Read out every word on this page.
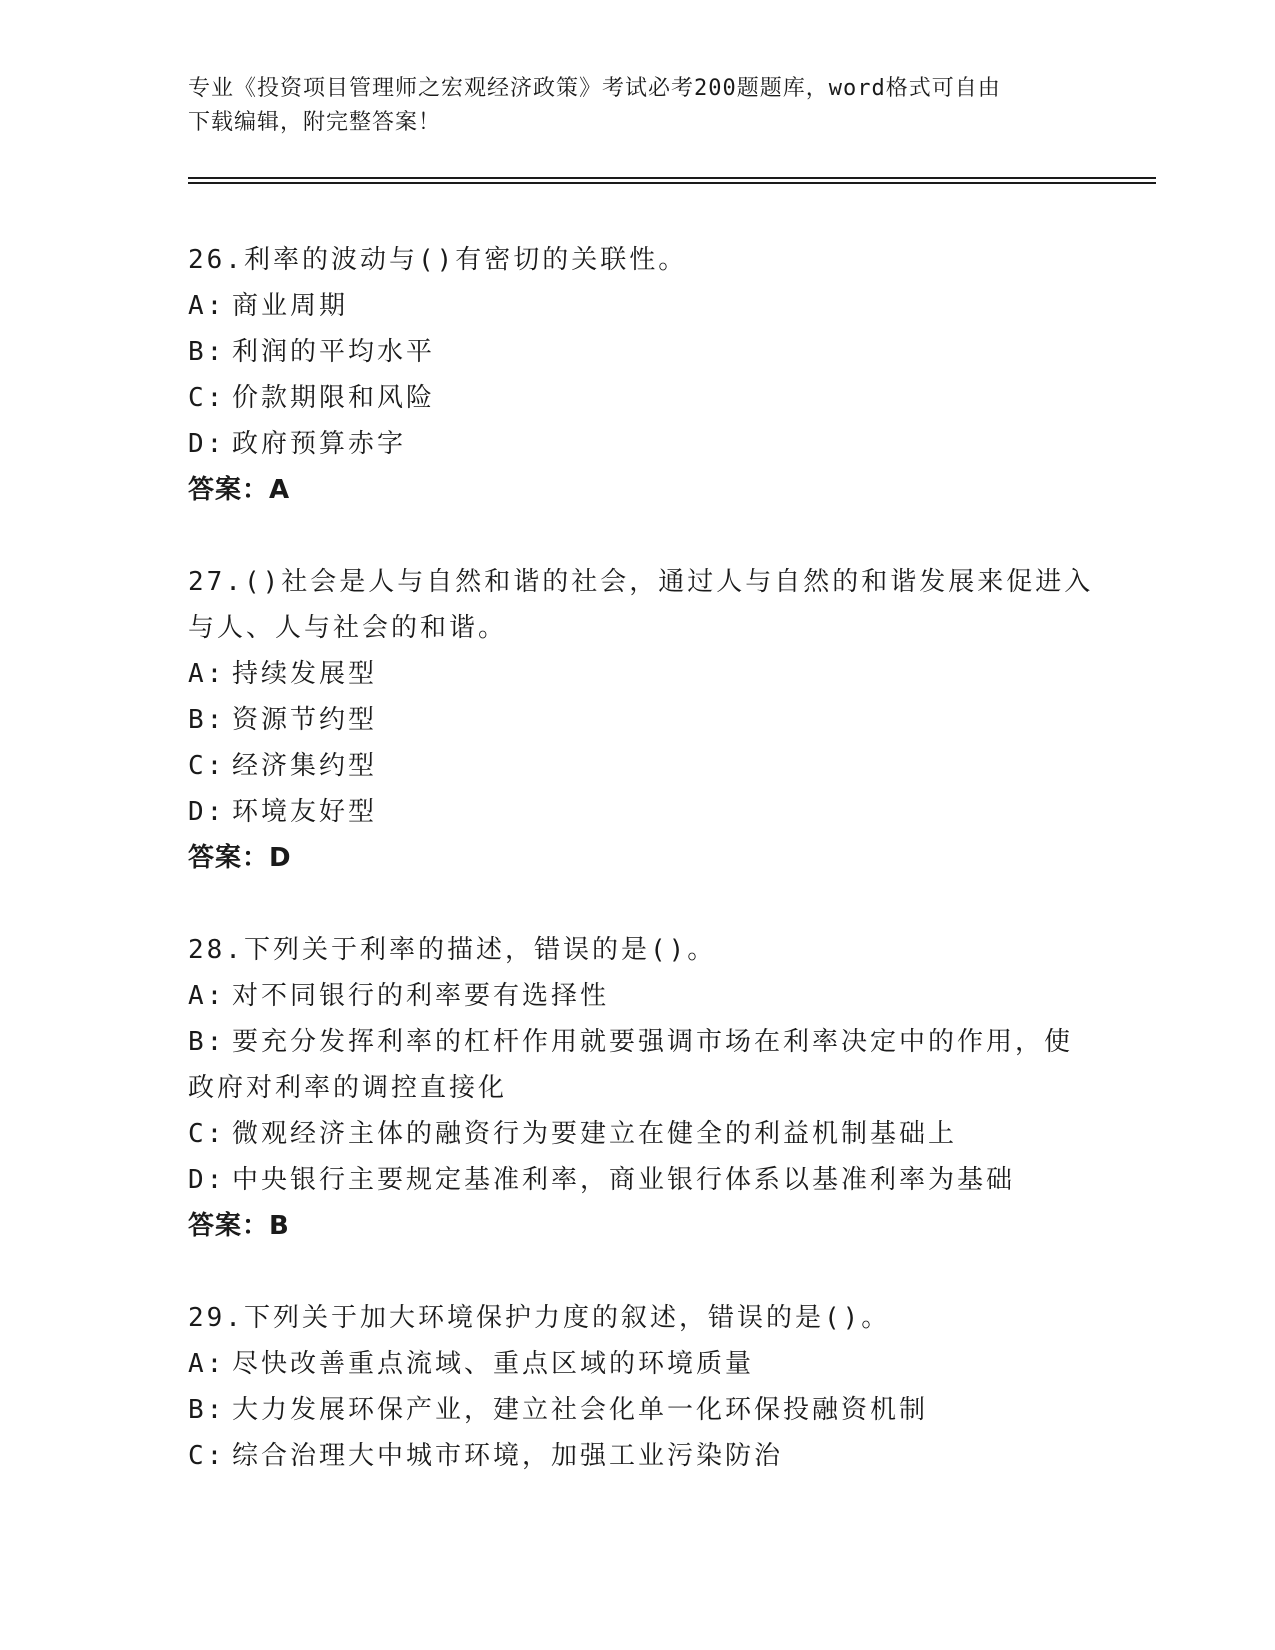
专业《投资项目管理师之宏观经济政策》考试必考200题题库，word格式可自由
下载编辑，附完整答案！
26.利率的波动与()有密切的关联性。
A: 商业周期
B: 利润的平均水平
C: 价款期限和风险
D: 政府预算赤字
答案：A
27.()社会是人与自然和谐的社会，通过人与自然的和谐发展来促进入
与人、人与社会的和谐。
A: 持续发展型
B: 资源节约型
C: 经济集约型
D: 环境友好型
答案：D
28.下列关于利率的描述，错误的是()。
A: 对不同银行的利率要有选择性
B: 要充分发挥利率的杠杆作用就要强调市场在利率决定中的作用，使
政府对利率的调控直接化
C: 微观经济主体的融资行为要建立在健全的利益机制基础上
D: 中央银行主要规定基准利率，商业银行体系以基准利率为基础
答案：B
29.下列关于加大环境保护力度的叙述，错误的是()。
A: 尽快改善重点流域、重点区域的环境质量
B: 大力发展环保产业，建立社会化单一化环保投融资机制
C: 综合治理大中城市环境，加强工业污染防治
